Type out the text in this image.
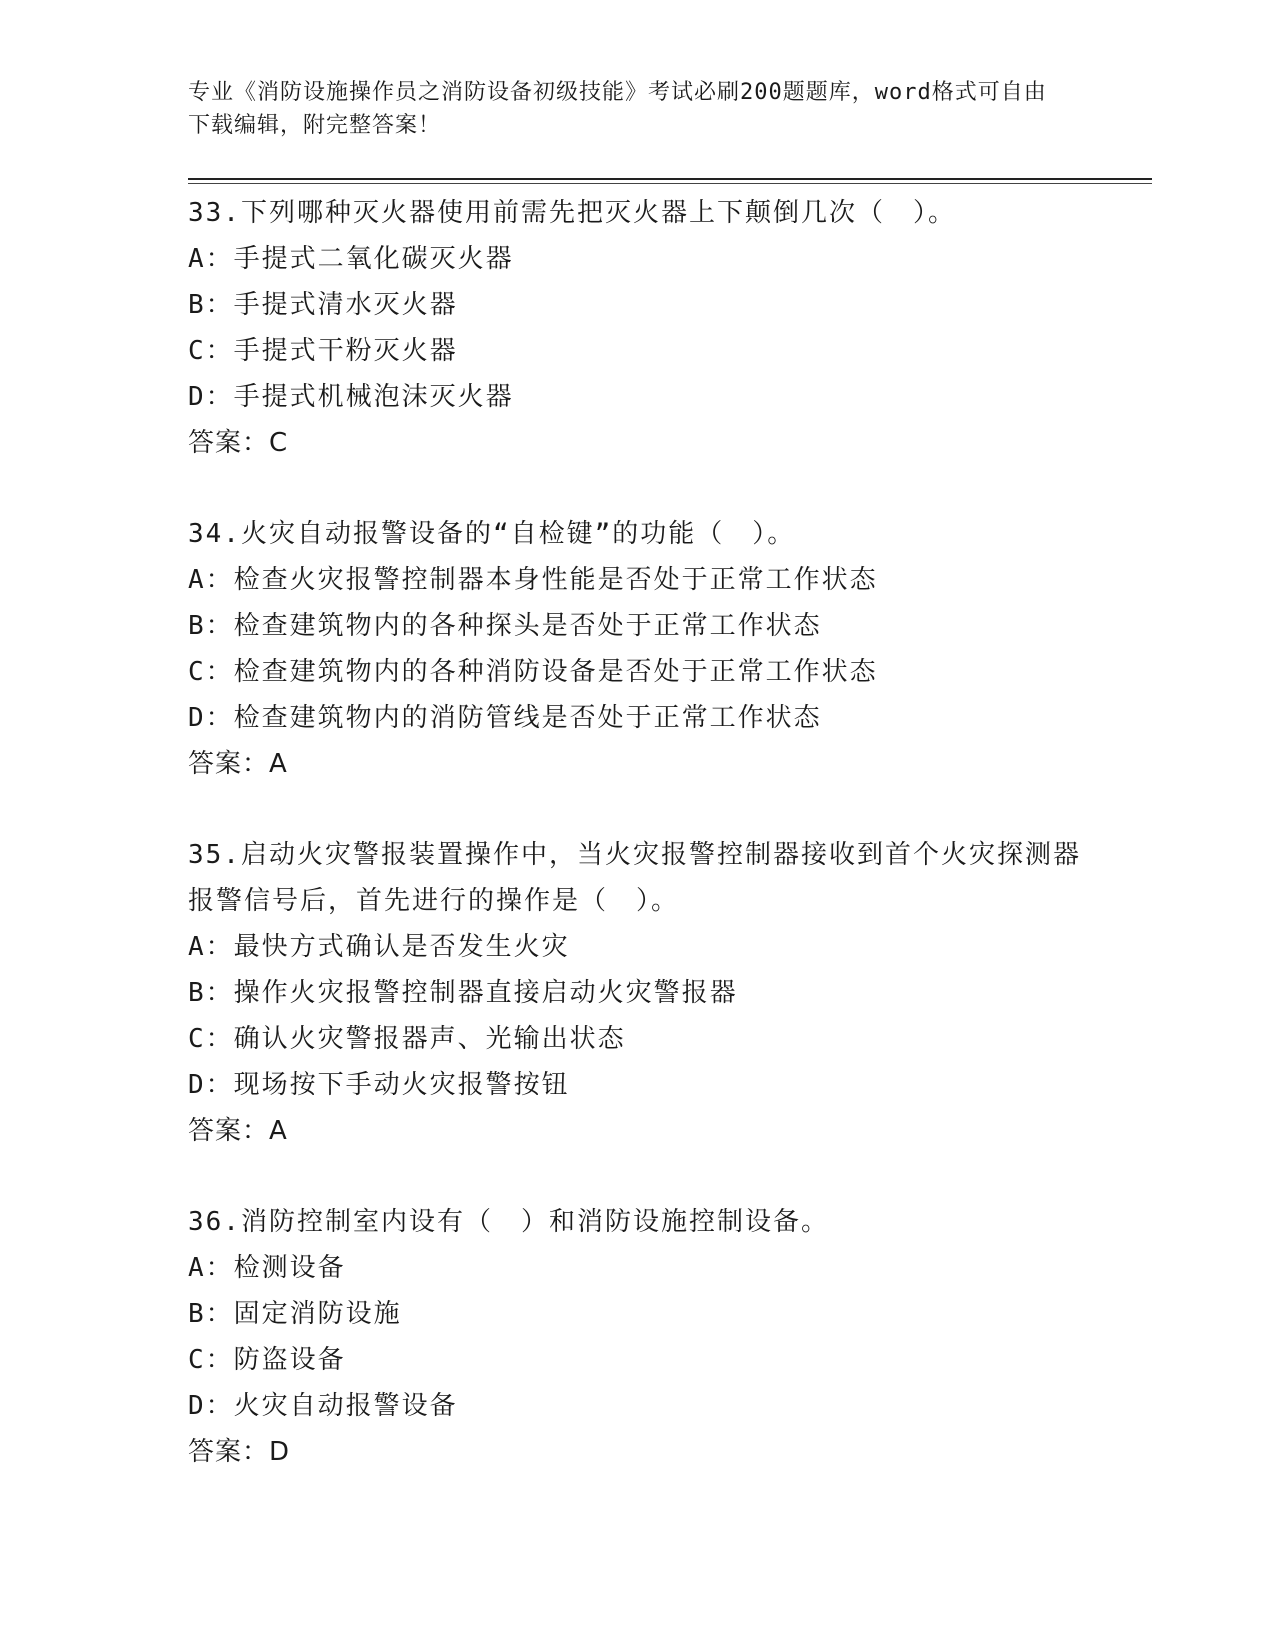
专业《消防设施操作员之消防设备初级技能》考试必刷200题题库，word格式可自由下载编辑，附完整答案！

33.下列哪种灭火器使用前需先把灭火器上下颠倒几次（　）。

A：手提式二氧化碳灭火器

B：手提式清水灭火器

C：手提式干粉灭火器

D：手提式机械泡沫灭火器

答案：C

34.火灾自动报警设备的“自检键”的功能（　）。

A：检查火灾报警控制器本身性能是否处于正常工作状态

B：检查建筑物内的各种探头是否处于正常工作状态

C：检查建筑物内的各种消防设备是否处于正常工作状态

D：检查建筑物内的消防管线是否处于正常工作状态

答案：A

35.启动火灾警报装置操作中，当火灾报警控制器接收到首个火灾探测器报警信号后，首先进行的操作是（　）。

A：最快方式确认是否发生火灾

B：操作火灾报警控制器直接启动火灾警报器

C：确认火灾警报器声、光输出状态

D：现场按下手动火灾报警按钮

答案：A

36.消防控制室内设有（　）和消防设施控制设备。

A：检测设备

B：固定消防设施

C：防盗设备

D：火灾自动报警设备

答案：D
